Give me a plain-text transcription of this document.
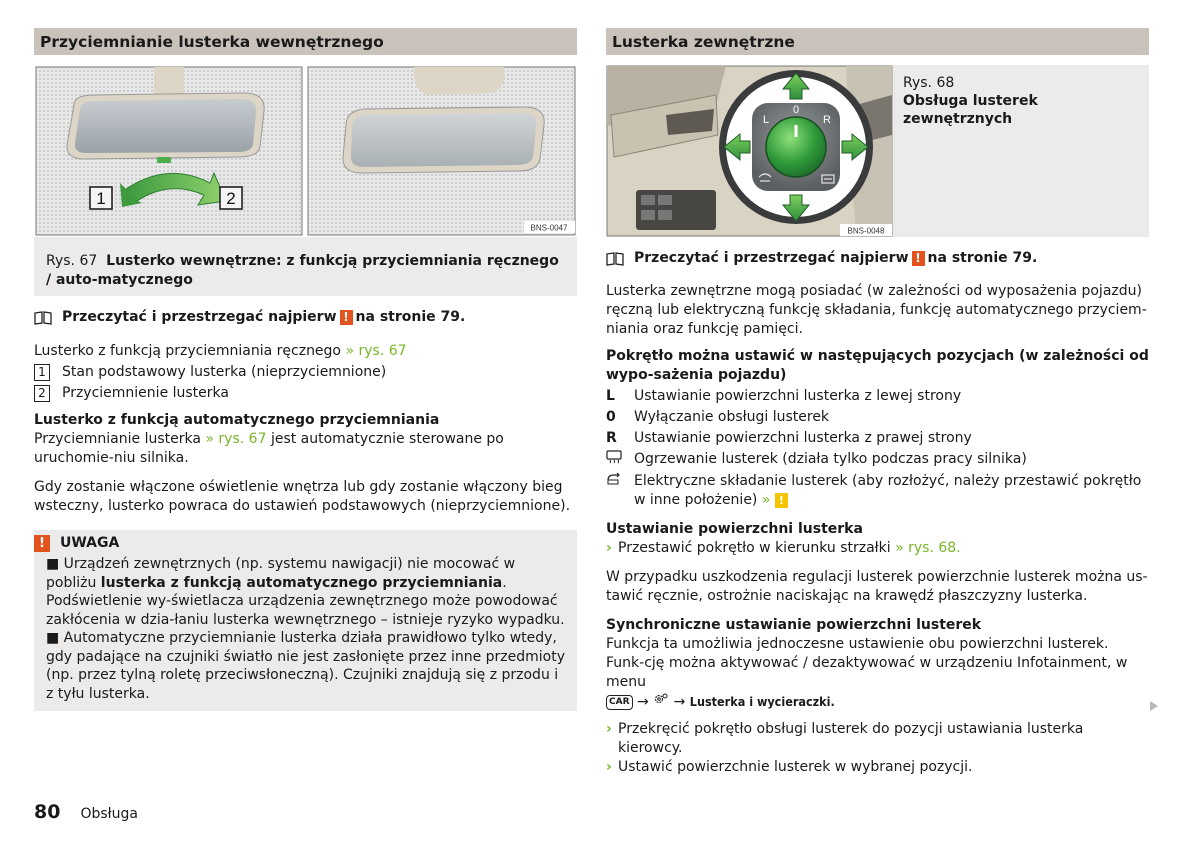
Przyciemnianie lusterka wewnętrznego
1	2
BNS-0047
Rys. 67 Lusterko wewnętrzne: z funkcją przyciemniania ręcznego / auto-matycznego
Przeczytać i przestrzegać najpierw ! na stronie 79.
Lusterko z funkcją przyciemniania ręcznego » rys. 67
1 Stan podstawowy lusterka (nieprzyciemnione)
2 Przyciemnienie lusterka
Lusterko z funkcją automatycznego przyciemniania
Przyciemnianie lusterka » rys. 67 jest automatycznie sterowane po uruchomie-niu silnika.
Gdy zostanie włączone oświetlenie wnętrza lub gdy zostanie włączony bieg wsteczny, lusterko powraca do ustawień podstawowych (nieprzyciemnione).
!	UWAGA
■ Urządzeń zewnętrznych (np. systemu nawigacji) nie mocować w pobliżu lusterka z funkcją automatycznego przyciemniania. Podświetlenie wy-świetlacza urządzenia zewnętrznego może powodować zakłócenia w dzia-łaniu lusterka wewnętrznego – istnieje ryzyko wypadku.
■ Automatyczne przyciemnianie lusterka działa prawidłowo tylko wtedy, gdy padające na czujniki światło nie jest zasłonięte przez inne przedmioty (np. przez tylną roletę przeciwsłoneczną). Czujniki znajdują się z przodu i z tyłu lusterka.
Lusterka zewnętrzne
0
L	R
BNS-0048
Rys. 68
Obsługa lusterek zewnętrznych
Przeczytać i przestrzegać najpierw ! na stronie 79.
Lusterka zewnętrzne mogą posiadać (w zależności od wyposażenia pojazdu) ręczną lub elektryczną funkcję składania, funkcję automatycznego przyciem-niania oraz funkcję pamięci.
Pokrętło można ustawić w następujących pozycjach (w zależności od wypo-sażenia pojazdu)
L	Ustawianie powierzchni lusterka z lewej strony
0	Wyłączanie obsługi lusterek
R	Ustawianie powierzchni lusterka z prawej strony
Ogrzewanie lusterek (działa tylko podczas pracy silnika)
Elektryczne składanie lusterek (aby rozłożyć, należy przestawić pokrętło w inne położenie) » !
Ustawianie powierzchni lusterka
› Przestawić pokrętło w kierunku strzałki » rys. 68.
W przypadku uszkodzenia regulacji lusterek powierzchnie lusterek można us-tawić ręcznie, ostrożnie naciskając na krawędź płaszczyzny lusterka.
Synchroniczne ustawianie powierzchni lusterek
Funkcja ta umożliwia jednoczesne ustawienie obu powierzchni lusterek. Funk-cję można aktywować / dezaktywować w urządzeniu Infotainment, w menu
CAR → → Lusterka i wycieraczki.
› Przekręcić pokrętło obsługi lusterek do pozycji ustawiania lusterka kierowcy.
› Ustawić powierzchnie lusterek w wybranej pozycji.
80 Obsługa
